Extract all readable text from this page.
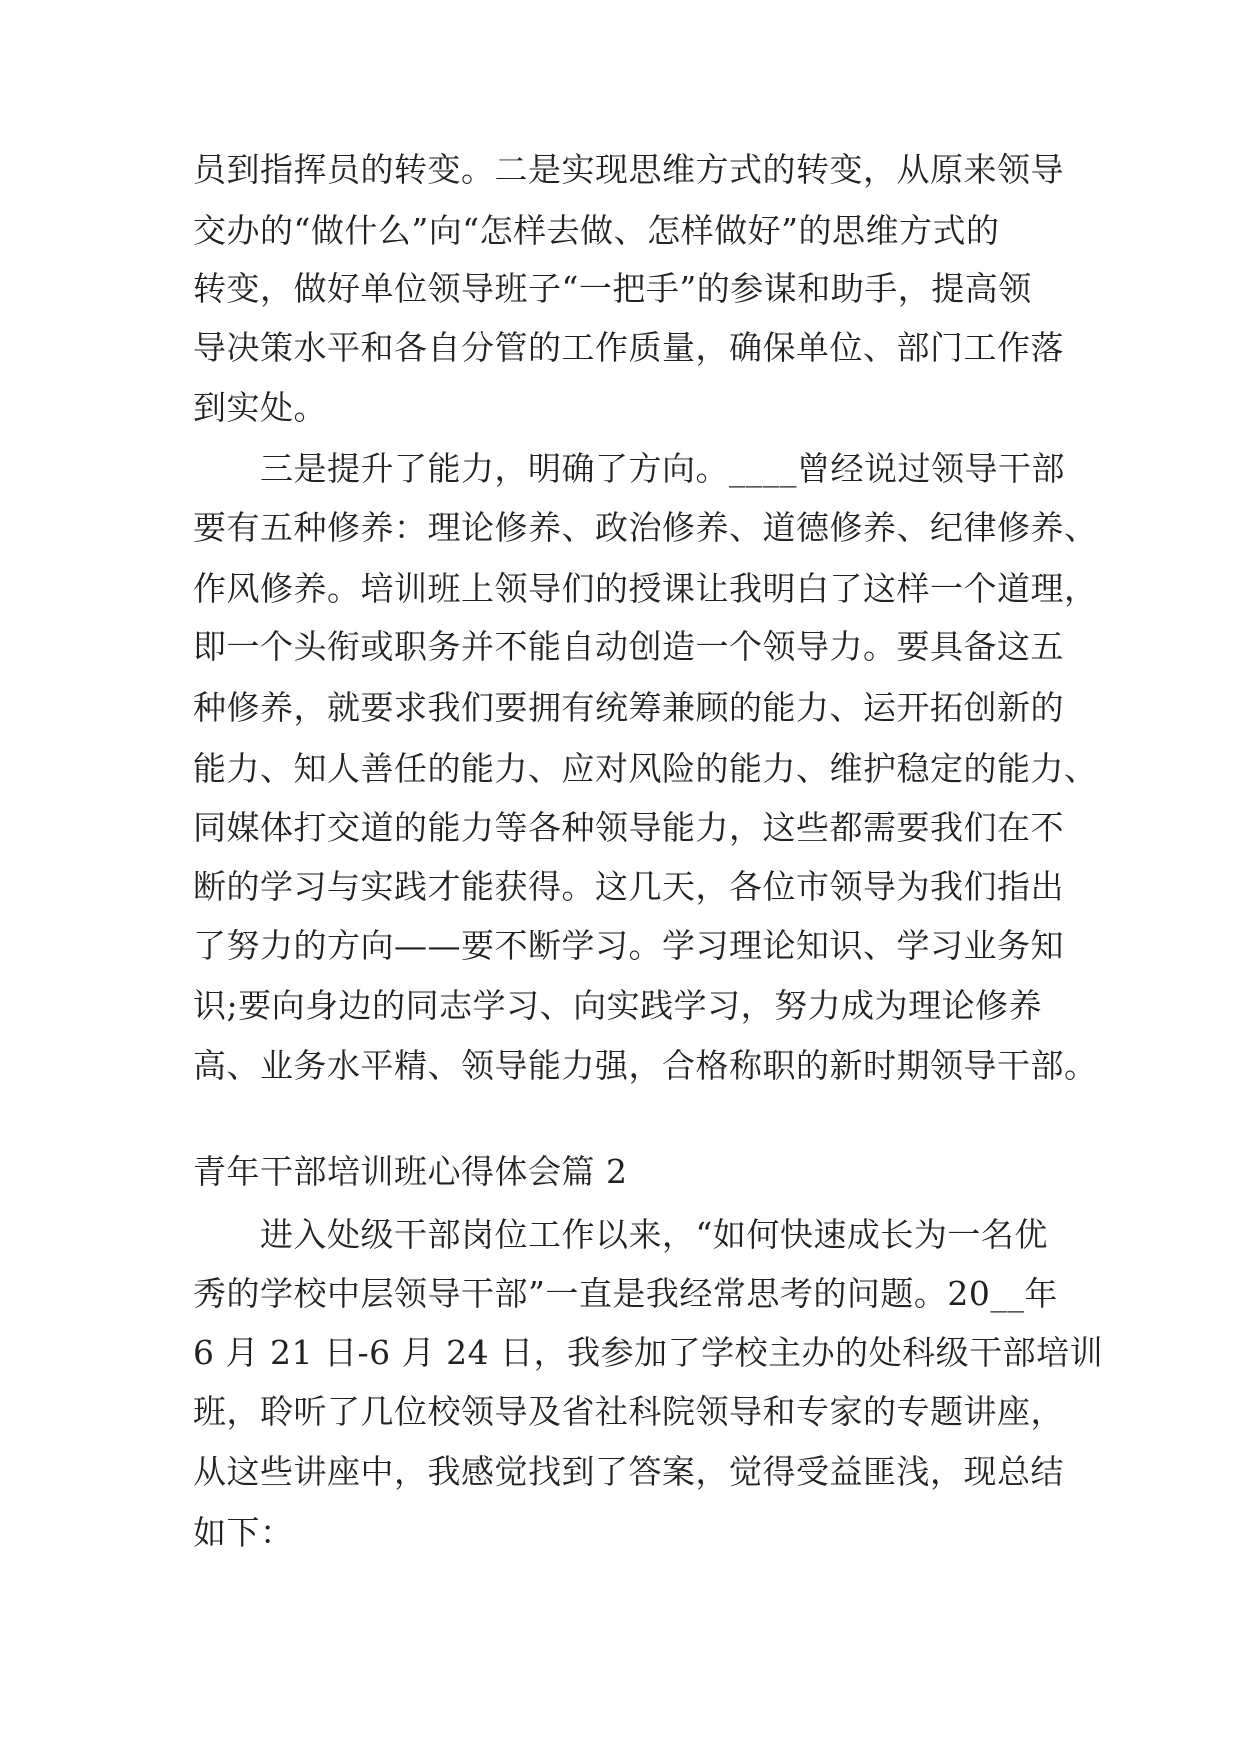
员到指挥员的转变。二是实现思维方式的转变，从原来领导
交办的“做什么”向“怎样去做、怎样做好”的思维方式的
转变，做好单位领导班子“一把手”的参谋和助手，提高领
导决策水平和各自分管的工作质量，确保单位、部门工作落
到实处。
三是提升了能力，明确了方向。____曾经说过领导干部
要有五种修养：理论修养、政治修养、道德修养、纪律修养、
作风修养。培训班上领导们的授课让我明白了这样一个道理，
即一个头衔或职务并不能自动创造一个领导力。要具备这五
种修养，就要求我们要拥有统筹兼顾的能力、运开拓创新的
能力、知人善任的能力、应对风险的能力、维护稳定的能力、
同媒体打交道的能力等各种领导能力，这些都需要我们在不
断的学习与实践才能获得。这几天，各位市领导为我们指出
了努力的方向——要不断学习。学习理论知识、学习业务知
识;要向身边的同志学习、向实践学习，努力成为理论修养
高、业务水平精、领导能力强，合格称职的新时期领导干部。
青年干部培训班心得体会篇 2
进入处级干部岗位工作以来，“如何快速成长为一名优
秀的学校中层领导干部”一直是我经常思考的问题。20__年
6 月 21 日-6 月 24 日，我参加了学校主办的处科级干部培训
班，聆听了几位校领导及省社科院领导和专家的专题讲座，
从这些讲座中，我感觉找到了答案，觉得受益匪浅，现总结
如下：
